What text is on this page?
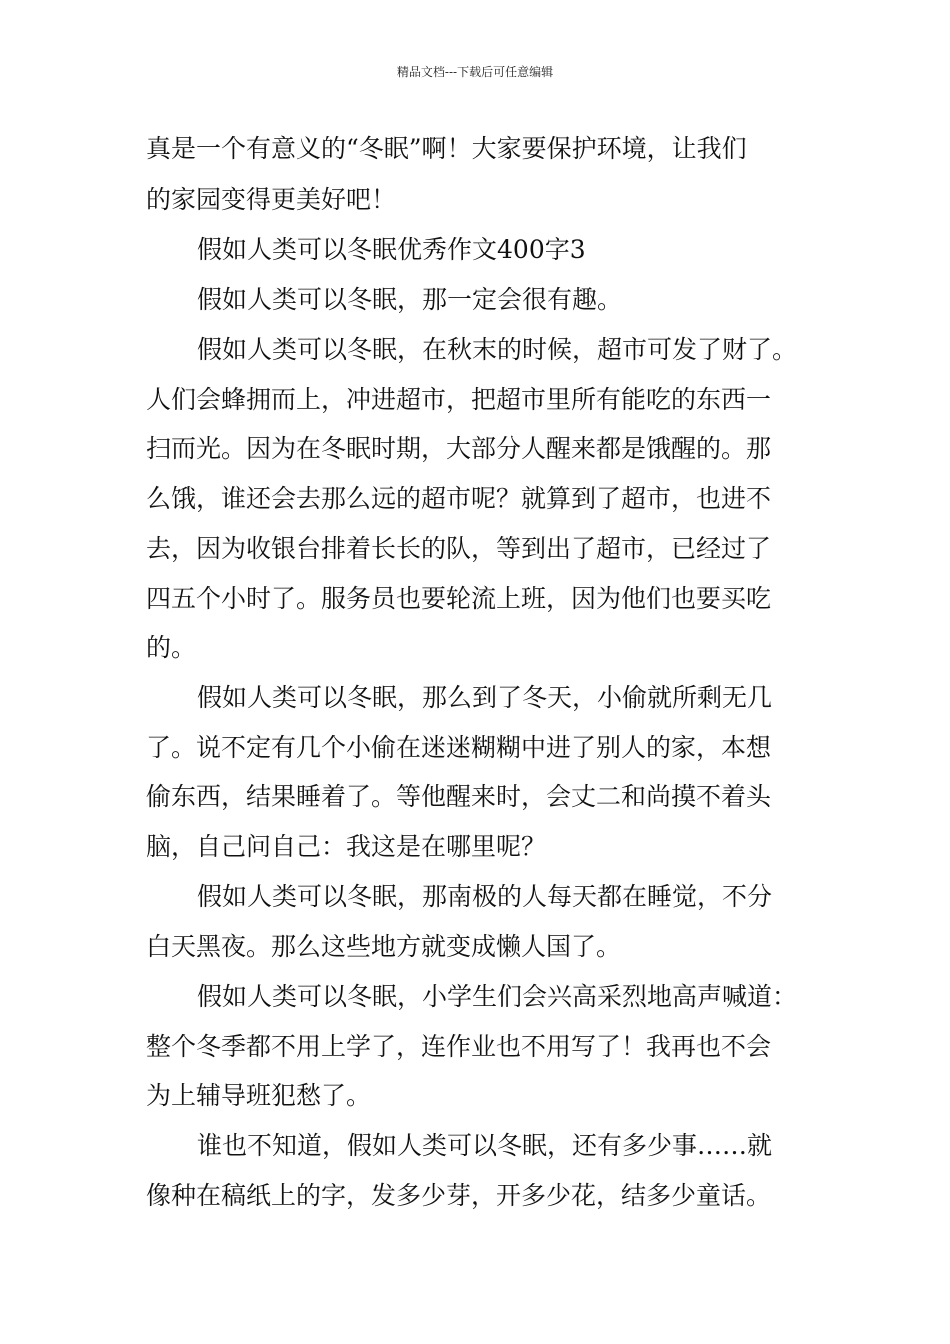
精品文档---下载后可任意编辑
真是一个有意义的“冬眠”啊！大家要保护环境，让我们
的家园变得更美好吧！
假如人类可以冬眠优秀作文400字3
假如人类可以冬眠，那一定会很有趣。
假如人类可以冬眠，在秋末的时候，超市可发了财了。
人们会蜂拥而上，冲进超市，把超市里所有能吃的东西一
扫而光。因为在冬眠时期，大部分人醒来都是饿醒的。那
么饿，谁还会去那么远的超市呢？就算到了超市，也进不
去，因为收银台排着长长的队，等到出了超市，已经过了
四五个小时了。服务员也要轮流上班，因为他们也要买吃
的。
假如人类可以冬眠，那么到了冬天，小偷就所剩无几
了。说不定有几个小偷在迷迷糊糊中进了别人的家，本想
偷东西，结果睡着了。等他醒来时，会丈二和尚摸不着头
脑，自己问自己：我这是在哪里呢？
假如人类可以冬眠，那南极的人每天都在睡觉，不分
白天黑夜。那么这些地方就变成懒人国了。
假如人类可以冬眠，小学生们会兴高采烈地高声喊道：
整个冬季都不用上学了，连作业也不用写了！我再也不会
为上辅导班犯愁了。
谁也不知道，假如人类可以冬眠，还有多少事……就
像种在稿纸上的字，发多少芽，开多少花，结多少童话。
